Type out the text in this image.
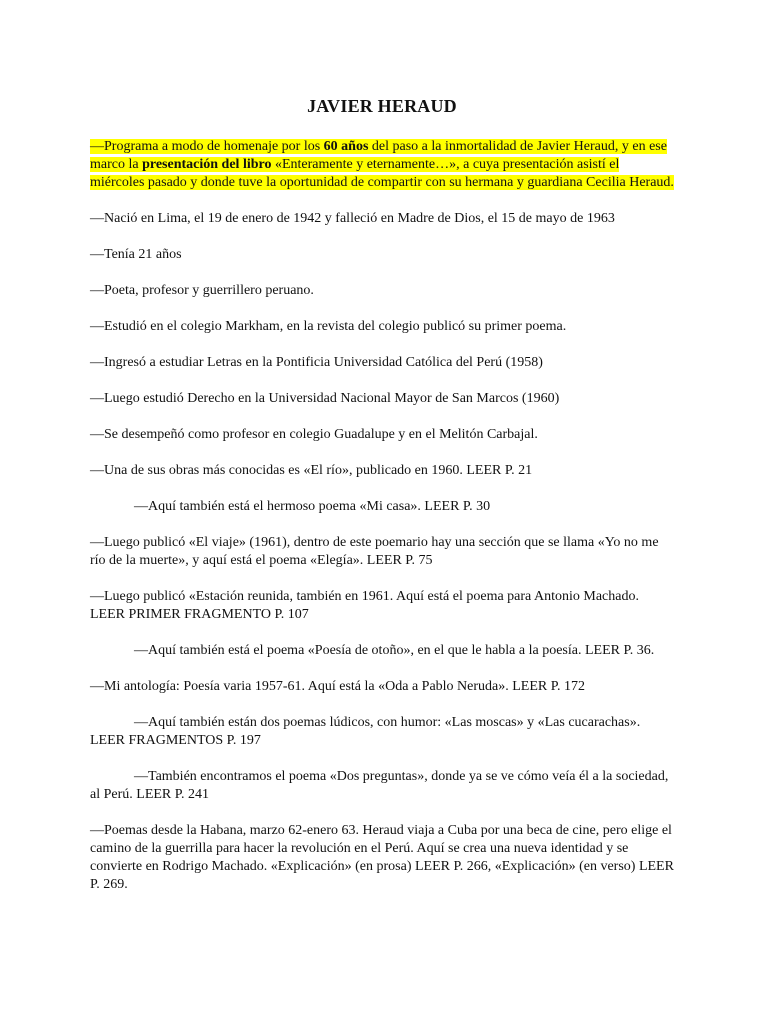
JAVIER HERAUD

—Programa a modo de homenaje por los 60 años del paso a la inmortalidad de Javier Heraud, y en ese marco la presentación del libro «Enteramente y eternamente…», a cuya presentación asistí el miércoles pasado y donde tuve la oportunidad de compartir con su hermana y guardiana Cecilia Heraud.

—Nació en Lima, el 19 de enero de 1942 y falleció en Madre de Dios, el 15 de mayo de 1963

—Tenía 21 años

—Poeta, profesor y guerrillero peruano.

—Estudió en el colegio Markham, en la revista del colegio publicó su primer poema.

—Ingresó a estudiar Letras en la Pontificia Universidad Católica del Perú (1958)

—Luego estudió Derecho en la Universidad Nacional Mayor de San Marcos (1960)

—Se desempeñó como profesor en colegio Guadalupe y en el Melitón Carbajal.

—Una de sus obras más conocidas es «El río», publicado en 1960. LEER P. 21

—Aquí también está el hermoso poema «Mi casa». LEER P. 30

—Luego publicó «El viaje» (1961), dentro de este poemario hay una sección que se llama «Yo no me río de la muerte», y aquí está el poema «Elegía». LEER P. 75

—Luego publicó «Estación reunida, también en 1961. Aquí está el poema para Antonio Machado. LEER PRIMER FRAGMENTO P. 107

—Aquí también está el poema «Poesía de otoño», en el que le habla a la poesía. LEER P. 36.

—Mi antología: Poesía varia 1957-61. Aquí está la «Oda a Pablo Neruda». LEER P. 172

—Aquí también están dos poemas lúdicos, con humor: «Las moscas» y «Las cucarachas». LEER FRAGMENTOS P. 197

—También encontramos el poema «Dos preguntas», donde ya se ve cómo veía él a la sociedad, al Perú. LEER P. 241

—Poemas desde la Habana, marzo 62-enero 63. Heraud viaja a Cuba por una beca de cine, pero elige el camino de la guerrilla para hacer la revolución en el Perú. Aquí se crea una nueva identidad y se convierte en Rodrigo Machado. «Explicación» (en prosa) LEER P. 266, «Explicación» (en verso) LEER P. 269.
